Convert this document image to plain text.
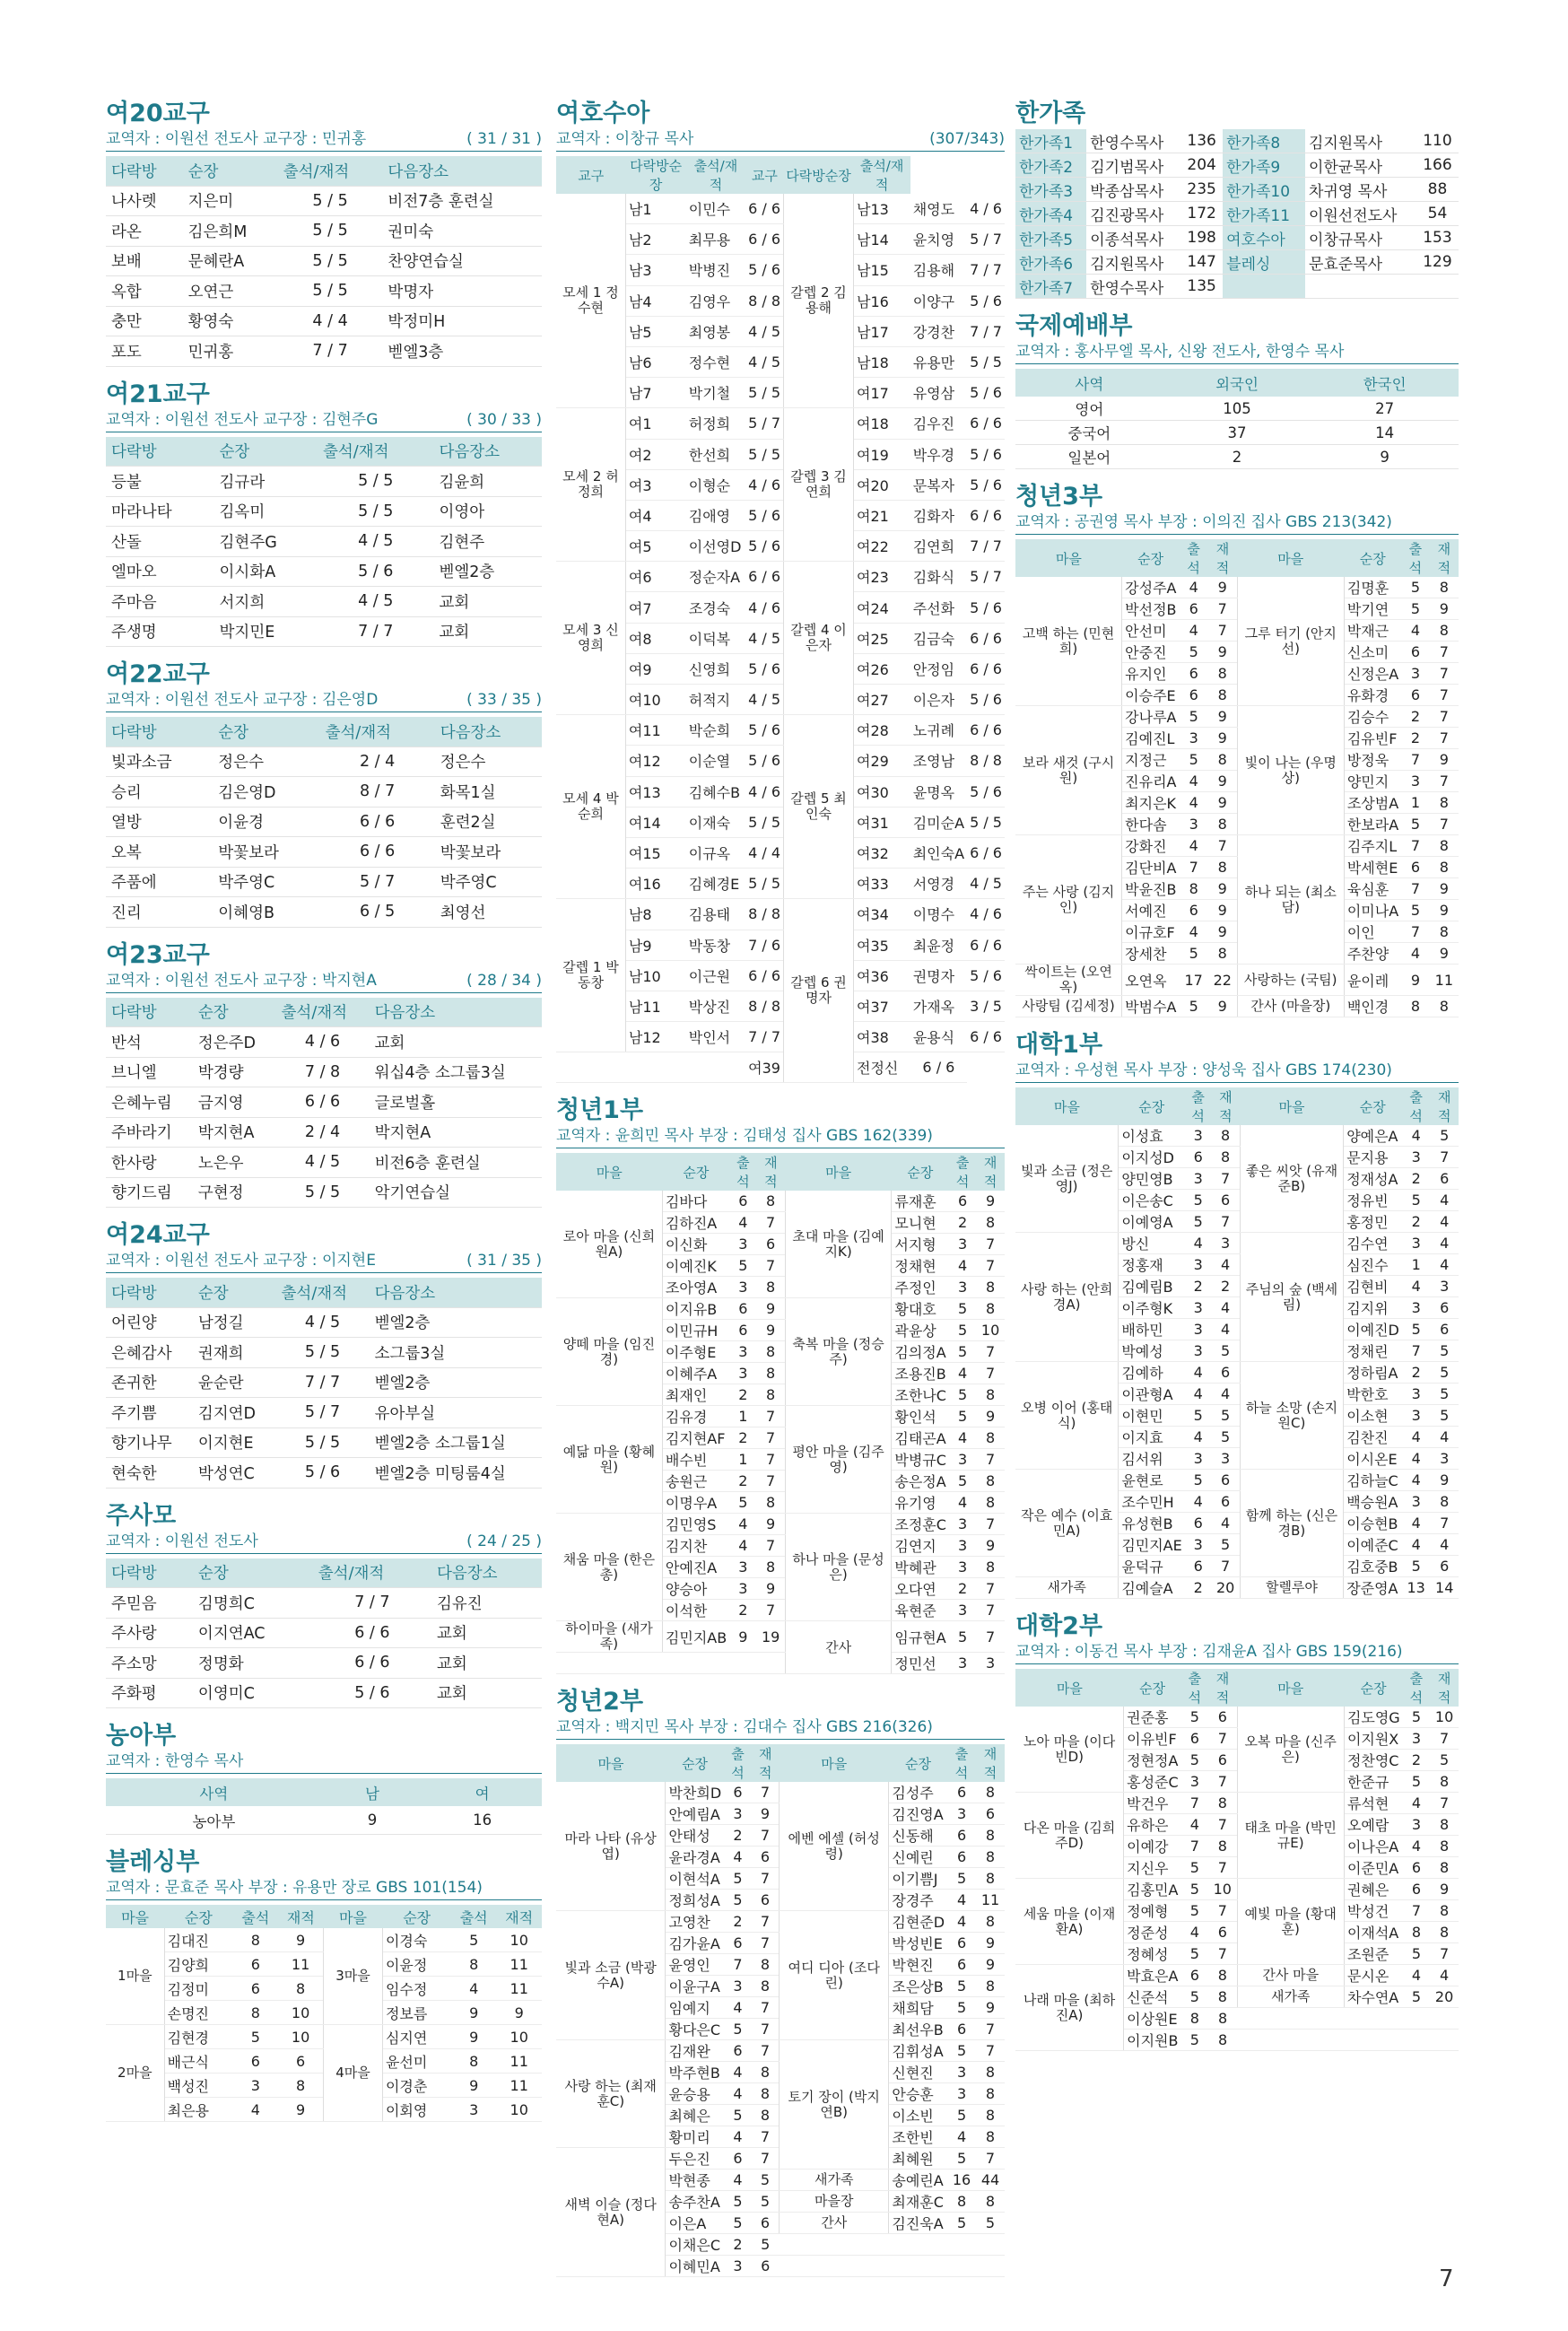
여20교구
교역자 : 이원선 전도사 교구장 : 민귀홍	( 31 / 31 )
다락방	순장	출석/재적	다음장소
나사렛	지은미	5 / 5	비전7층 훈련실
라온	김은희M	5 / 5	권미숙
보배	문혜란A	5 / 5	찬양연습실
옥합	오연근	5 / 5	박명자
충만	황영숙	4 / 4	박정미H
포도	민귀홍	7 / 7	벧엘3층
여21교구
교역자 : 이원선 전도사 교구장 : 김현주G	( 30 / 33 )
다락방	순장	출석/재적	다음장소
등불	김규라	5 / 5	김윤희
마라나타	김옥미	5 / 5	이영아
산돌	김현주G	4 / 5	김현주
엘마오	이시화A	5 / 6	벧엘2층
주마음	서지희	4 / 5	교회
주생명	박지민E	7 / 7	교회
여22교구
교역자 : 이원선 전도사 교구장 : 김은영D	( 33 / 35 )
다락방	순장	출석/재적	다음장소
빛과소금	정은수	2 / 4	정은수
승리	김은영D	8 / 7	화목1실
열방	이윤경	6 / 6	훈련2실
오복	박꽃보라	6 / 6	박꽃보라
주품에	박주영C	5 / 7	박주영C
진리	이혜영B	6 / 5	최영선
여23교구
교역자 : 이원선 전도사 교구장 : 박지현A	( 28 / 34 )
다락방	순장	출석/재적	다음장소
반석	정은주D	4 / 6	교회
브니엘	박경량	7 / 8	워십4층 소그룹3실
은혜누림	금지영	6 / 6	글로벌홀
주바라기	박지현A	2 / 4	박지현A
한사랑	노은우	4 / 5	비전6층 훈련실
향기드림	구현정	5 / 5	악기연습실
여24교구
교역자 : 이원선 전도사 교구장 : 이지현E	( 31 / 35 )
다락방	순장	출석/재적	다음장소
어린양	남정길	4 / 5	벧엘2층
은혜감사	권재희	5 / 5	소그룹3실
존귀한	윤순란	7 / 7	벧엘2층
주기쁨	김지연D	5 / 7	유아부실
향기나무	이지현E	5 / 5	벧엘2층 소그룹1실
현숙한	박성연C	5 / 6	벧엘2층 미팅룸4실
주사모
교역자 : 이원선 전도사	( 24 / 25 )
다락방	순장	출석/재적	다음장소
주믿음	김명희C	7 / 7	김유진
주사랑	이지연AC	6 / 6	교회
주소망	정명화	6 / 6	교회
주화평	이영미C	5 / 6	교회
농아부
교역자 : 한영수 목사
사역	남	여
농아부	9	16
블레싱부
교역자 : 문효준 목사 부장 : 유용만 장로 GBS 101(154)
마을	순장	출석	재적	마을	순장	출석	재적
1마을	김대진	8	9	3마을	이경숙	5	10
	김양희	6	11		이윤정	8	11
	김정미	6	8		임수정	4	11
	손명진	8	10		정보름	9	9
2마을	김현경	5	10	4마을	심지연	9	10
	배근식	6	6		윤선미	8	11
	백성진	3	8		이경춘	9	11
	최은용	4	9		이회영	3	10
여호수아
교역자 : 이창규 목사	(307/343)
교구	다락방순장	출석/재적	교구	다락방순장	출석/재적		
모세 1 정수현	남1	이민수	6 / 6	갈렙 2 김용해	남13	채영도	4 / 6
	남2	최무용	6 / 6		남14	윤치영	5 / 7
	남3	박병진	5 / 6		남15	김용해	7 / 7
	남4	김영우	8 / 8		남16	이양구	5 / 6
	남5	최영봉	4 / 5		남17	강경찬	7 / 7
	남6	정수현	4 / 5		남18	유용만	5 / 5
	남7	박기철	5 / 5		여17	유영삼	5 / 6
모세 2 허정희	여1	허정희	5 / 7	갈렙 3 김연희	여18	김우진	6 / 6
	여2	한선희	5 / 5		여19	박우경	5 / 6
	여3	이형순	4 / 6		여20	문복자	5 / 6
	여4	김애영	5 / 6		여21	김화자	6 / 6
	여5	이선영D	5 / 6		여22	김연희	7 / 7
모세 3 신영희	여6	정순자A	6 / 6	갈렙 4 이은자	여23	김화식	5 / 7
	여7	조경숙	4 / 6		여24	주선화	5 / 6
	여8	이덕복	4 / 5		여25	김금숙	6 / 6
	여9	신영희	5 / 6		여26	안정임	6 / 6
	여10	허적지	4 / 5		여27	이은자	5 / 6
모세 4 박순희	여11	박순희	5 / 6	갈렙 5 최인숙	여28	노귀례	6 / 6
	여12	이순열	5 / 6		여29	조영남	8 / 8
	여13	김혜수B	4 / 6		여30	윤명옥	5 / 6
	여14	이재숙	5 / 5		여31	김미순A	5 / 5
	여15	이규옥	4 / 4		여32	최인숙A	6 / 6
	여16	김혜경E	5 / 5		여33	서영경	4 / 5
갈렙 1 박동창	남8	김용태	8 / 8	갈렙 6 권명자	여34	이명수	4 / 6
	남9	박동창	7 / 6		여35	최윤정	6 / 6
	남10	이근원	6 / 6		여36	권명자	5 / 6
	남11	박상진	8 / 8		여37	가재옥	3 / 5
	남12	박인서	7 / 7		여38	윤용식	6 / 6
			여39		전정신	6 / 6	
청년1부
교역자 : 윤희민 목사 부장 : 김태성 집사 GBS 162(339)
마을	순장	출석	재적	마을	순장	출석	재적
로아 마을 (신희원A)	김바다	6	8	초대 마을 (김예지K)	류재훈	6	9
	김하진A	4	7		모니현	2	8
	이신화	3	6		서지형	3	7
	이예진K	5	7		정채현	4	7
	조아영A	3	8		주정인	3	8
양떼 마을 (임진경)	이지유B	6	9	축복 마을 (정승주)	황대호	5	8
	이민규H	6	9		곽윤상	5	10
	이주형E	3	8		김의정A	5	7
	이혜주A	3	8		조용진B	4	7
	최재인	2	8		조한나C	5	8
예닮 마을 (황혜원)	김유경	1	7	평안 마을 (김주영)	황인석	5	9
	김지현AF	2	7		김태곤A	4	8
	배수빈	1	7		박병규C	3	7
	송원근	2	7		송은정A	5	8
	이명우A	5	8		유기영	4	8
채움 마을 (한은총)	김민영S	4	9	하나 마을 (문성은)	조정훈C	3	7
	김지찬	4	7		김연지	3	9
	안예진A	3	8		박혜관	3	8
	양승아	3	9		오다연	2	7
	이석한	2	7		육현준	3	7
하이마을 (새가족)	김민지AB	9	19	간사	임규현A	5	7
					정민선	3	3
청년2부
교역자 : 백지민 목사 부장 : 김대수 집사 GBS 216(326)
마을	순장	출석	재적	마을	순장	출석	재적
마라 나타 (유상엽)	박찬희D	6	7	에벤 에셀 (허성령)	김성주	6	8
	안예림A	3	9		김진영A	3	6
	안태성	2	7		신동해	6	8
	윤라경A	4	6		신예린	6	8
	이현석A	5	7		이기쁨J	5	8
	정희성A	5	6		장경주	4	11
빛과 소금 (박광수A)	고영찬	2	7	여디 디아 (조다린)	김현준D	4	8
	김가윤A	6	7		박성빈E	6	9
	윤영인	7	8		박현진	6	9
	이윤구A	3	8		조은상B	5	8
	임예지	4	7		채희담	5	9
	황다은C	5	7		최선우B	6	7
사랑 하는 (최재훈C)	김재완	6	7	토기 장이 (박지연B)	김휘성A	5	7
	박주현B	4	8		신현진	3	8
	윤승용	4	8		안승훈	3	8
	최혜은	5	8		이소빈	5	8
	황미리	4	7		조한빈	4	8
새벽 이슬 (정다현A)	두은진	6	7		최혜원	5	7
	박현종	4	5	새가족	송예린A	16	44
	송주찬A	5	5	마을장	최재훈C	8	8
	이은A	5	6	간사	김진욱A	5	5
	이채은C	2	5				
	이혜민A	3	6				
한가족
한가족1	한영수목사	136	한가족8	김지원목사	110
한가족2	김기범목사	204	한가족9	이한균목사	166
한가족3	박종삼목사	235	한가족10	차귀영 목사	88
한가족4	김진광목사	172	한가족11	이원선전도사	54
한가족5	이종석목사	198	여호수아	이창규목사	153
한가족6	김지원목사	147	블레싱	문효준목사	129
한가족7	한영수목사	135			
국제예배부
교역자 : 홍사무엘 목사, 신왕 전도사, 한영수 목사
사역	외국인	한국인
영어	105	27
중국어	37	14
일본어	2	9
청년3부
교역자 : 공권영 목사 부장 : 이의진 집사 GBS 213(342)
마을	순장	출석	재적	마을	순장	출석	재적
고백 하는 (민현희)	강성주A	4	9	그루 터기 (안지선)	김명훈	5	8
	박선정B	6	7		박기연	5	9
	안선미	4	7		박재근	4	8
	안중진	5	9		신소미	6	7
	유지인	6	8		신정은A	3	7
	이승주E	6	8		유화경	6	7
보라 새것 (구시원)	강나루A	5	9	빛이 나는 (우명상)	김승수	2	7
	김예진L	3	9		김유빈F	2	7
	지정근	5	8		방정욱	7	9
	진유리A	4	9		양민지	3	7
	최지은K	4	9		조상범A	1	8
	한다솜	3	8		한보라A	5	7
주는 사랑 (김지인)	강화진	4	7	하나 되는 (최소담)	김주지L	7	8
	김단비A	7	8		박세현E	6	8
	박윤진B	8	9		육심훈	7	9
	서예진	6	9		이미나A	5	9
	이규호F	4	9		이인	7	8
	장세찬	5	8		주찬양	4	9
싹이트는 (오연옥)	오연옥	17	22	사랑하는 (국팀)	윤이레	9	11
사랑팀 (김세정)	박범수A	5	9	간사 (마을장)	백인경	8	8
대학1부
교역자 : 우성현 목사 부장 : 양성욱 집사 GBS 174(230)
마을	순장	출석	재적	마을	순장	출석	재적
빛과 소금 (정은영J)	이성효	3	8	좋은 씨앗 (유재준B)	양예은A	4	5
	이지성D	6	8		문지용	3	7
	양민영B	3	7		정재성A	2	6
	이은송C	5	6		정유빈	5	4
	이예영A	5	7		홍정민	2	4
사랑 하는 (안희경A)	방신	4	3	주님의 숲 (백세림)	김수연	3	4
	정홍재	3	4		심진수	1	4
	김예림B	2	2		김현비	4	3
	이주형K	3	4		김지위	3	6
	배하민	3	4		이예진D	5	6
	박예성	3	5		정채린	7	5
오병 이어 (홍태식)	김예하	4	6	하늘 소망 (손지원C)	정하림A	2	5
	이관형A	4	4		박한호	3	5
	이현민	5	5		이소현	3	5
	이지효	4	5		김찬진	4	4
	김서위	3	3		이시온E	4	3
작은 예수 (이효민A)	윤현로	5	6	함께 하는 (신은경B)	김하늘C	4	9
	조수민H	4	6		백승원A	3	8
	유성현B	6	4		이승현B	4	7
	김민지AE	3	5		이예준C	4	4
	윤덕규	6	7		김호중B	5	6
새가족	김예슬A	2	20	할렐루야	장준영A	13	14
대학2부
교역자 : 이동건 목사 부장 : 김재윤A 집사 GBS 159(216)
마을	순장	출석	재적	마을	순장	출석	재적
노아 마을 (이다빈D)	권준홍	5	6	오복 마을 (신주은)	김도영G	5	10
	이유빈F	6	7		이지원X	3	7
	정현정A	5	6		정찬영C	2	5
	홍성준C	3	7		한준규	5	8
다온 마을 (김희주D)	박건우	7	8	태초 마을 (박민규E)	류석현	4	7
	유하은	4	7		오예람	3	8
	이예강	7	8		이나은A	4	8
	지신우	5	7		이준민A	6	8
세움 마을 (이재환A)	김홍민A	5	10	예빛 마을 (황대훈)	권혜은	6	9
	정예형	5	7		박성건	7	8
	정준성	4	6		이재석A	8	8
	정혜성	5	7		조원준	5	7
나래 마을 (최하진A)	박효은A	6	8	간사 마을	문시온	4	4
	신준석	5	8	새가족	차수연A	5	20
	이상원E	8	8				
	이지원B	5	8				
7
